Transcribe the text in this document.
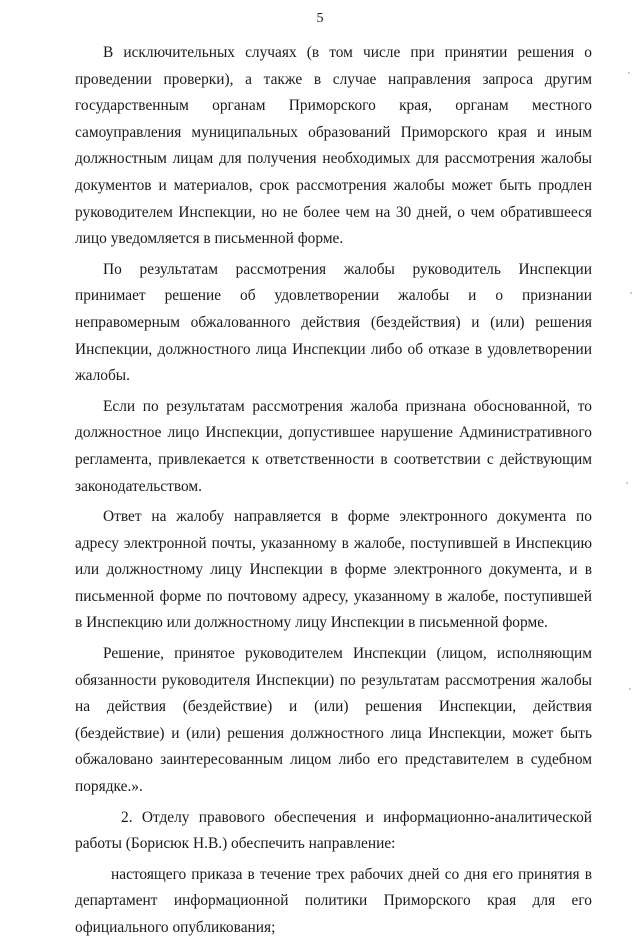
5

В исключительных случаях (в том числе при принятии решения о проведении проверки), а также в случае направления запроса другим государственным органам Приморского края, органам местного самоуправления муниципальных образований Приморского края и иным должностным лицам для получения необходимых для рассмотрения жалобы документов и материалов, срок рассмотрения жалобы может быть продлен руководителем Инспекции, но не более чем на 30 дней, о чем обратившееся лицо уведомляется в письменной форме.

По результатам рассмотрения жалобы руководитель Инспекции принимает решение об удовлетворении жалобы и о признании неправомерным обжалованного действия (бездействия) и (или) решения Инспекции, должностного лица Инспекции либо об отказе в удовлетворении жалобы.

Если по результатам рассмотрения жалоба признана обоснованной, то должностное лицо Инспекции, допустившее нарушение Административного регламента, привлекается к ответственности в соответствии с действующим законодательством.

Ответ на жалобу направляется в форме электронного документа по адресу электронной почты, указанному в жалобе, поступившей в Инспекцию или должностному лицу Инспекции в форме электронного документа, и в письменной форме по почтовому адресу, указанному в жалобе, поступившей в Инспекцию или должностному лицу Инспекции в письменной форме.

Решение, принятое руководителем Инспекции (лицом, исполняющим обязанности руководителя Инспекции) по результатам рассмотрения жалобы на действия (бездействие) и (или) решения Инспекции, действия (бездействие) и (или) решения должностного лица Инспекции, может быть обжаловано заинтересованным лицом либо его представителем в судебном порядке.».

2. Отделу правового обеспечения и информационно-аналитической работы (Борисюк Н.В.) обеспечить направление:

настоящего приказа в течение трех рабочих дней со дня его принятия в департамент информационной политики Приморского края для его официального опубликования;
